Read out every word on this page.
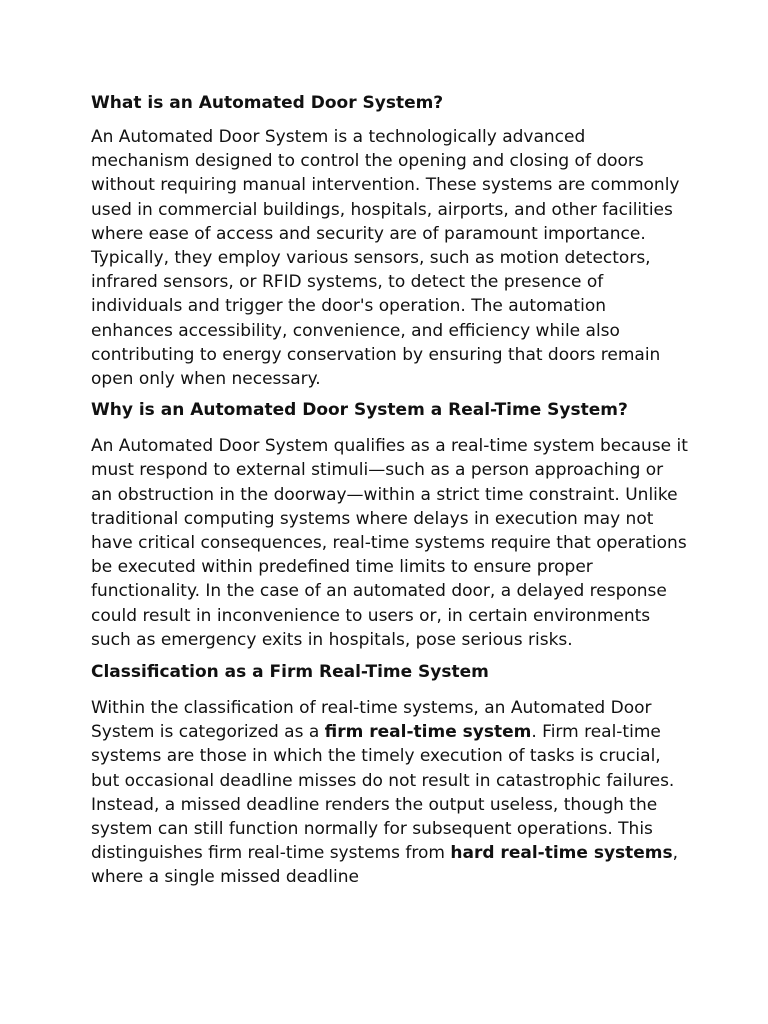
What is an Automated Door System?

An Automated Door System is a technologically advanced mechanism designed to control the opening and closing of doors without requiring manual intervention. These systems are commonly used in commercial buildings, hospitals, airports, and other facilities where ease of access and security are of paramount importance. Typically, they employ various sensors, such as motion detectors, infrared sensors, or RFID systems, to detect the presence of individuals and trigger the door's operation. The automation enhances accessibility, convenience, and efficiency while also contributing to energy conservation by ensuring that doors remain open only when necessary.

Why is an Automated Door System a Real-Time System?

An Automated Door System qualifies as a real-time system because it must respond to external stimuli—such as a person approaching or an obstruction in the doorway—within a strict time constraint. Unlike traditional computing systems where delays in execution may not have critical consequences, real-time systems require that operations be executed within predefined time limits to ensure proper functionality. In the case of an automated door, a delayed response could result in inconvenience to users or, in certain environments such as emergency exits in hospitals, pose serious risks.

Classification as a Firm Real-Time System

Within the classification of real-time systems, an Automated Door System is categorized as a firm real-time system. Firm real-time systems are those in which the timely execution of tasks is crucial, but occasional deadline misses do not result in catastrophic failures. Instead, a missed deadline renders the output useless, though the system can still function normally for subsequent operations. This distinguishes firm real-time systems from hard real-time systems, where a single missed deadline
